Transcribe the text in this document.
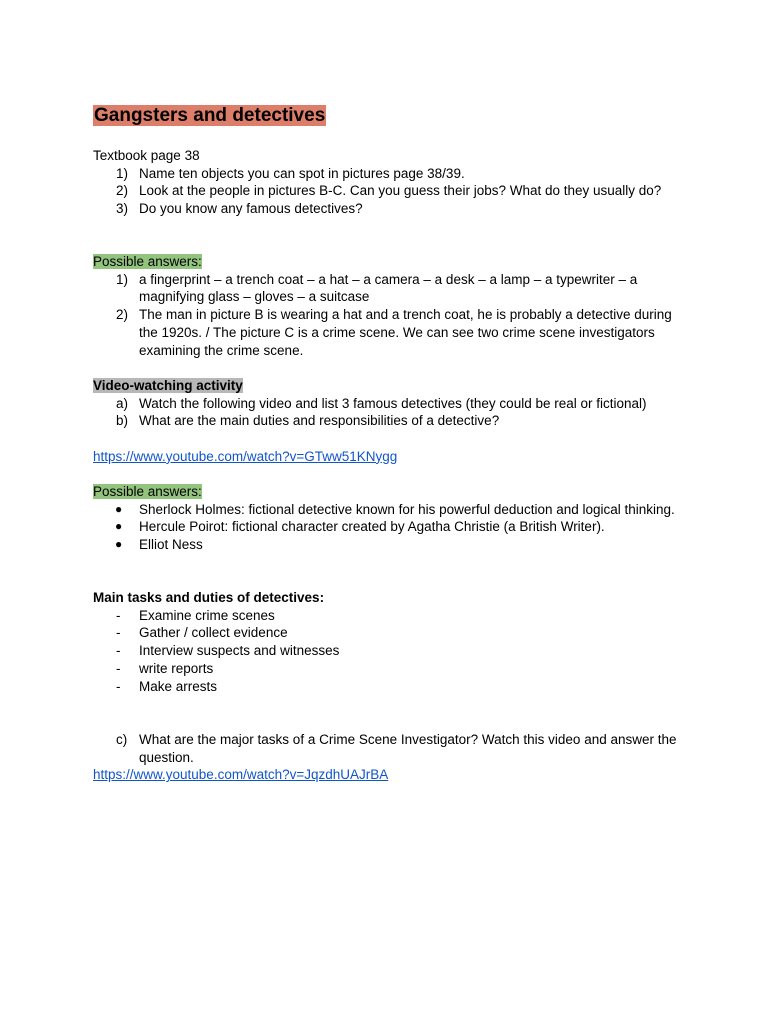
Gangsters and detectives
Textbook page 38
1) Name ten objects you can spot in pictures page 38/39.
2) Look at the people in pictures B-C. Can you guess their jobs? What do they usually do?
3) Do you know any famous detectives?
Possible answers:
1) a fingerprint – a trench coat – a hat – a camera – a desk – a lamp – a typewriter – a magnifying glass – gloves – a suitcase
2) The man in picture B is wearing a hat and a trench coat, he is probably a detective during the 1920s. / The picture C is a crime scene. We can see two crime scene investigators examining the crime scene.
Video-watching activity
a) Watch the following video and list 3 famous detectives (they could be real or fictional)
b) What are the main duties and responsibilities of a detective?
https://www.youtube.com/watch?v=GTww51KNygg
Possible answers:
● Sherlock Holmes: fictional detective known for his powerful deduction and logical thinking.
● Hercule Poirot: fictional character created by Agatha Christie (a British Writer).
● Elliot Ness
Main tasks and duties of detectives:
- Examine crime scenes
- Gather / collect evidence
- Interview suspects and witnesses
- write reports
- Make arrests
c) What are the major tasks of a Crime Scene Investigator? Watch this video and answer the question.
https://www.youtube.com/watch?v=JqzdhUAJrBA
